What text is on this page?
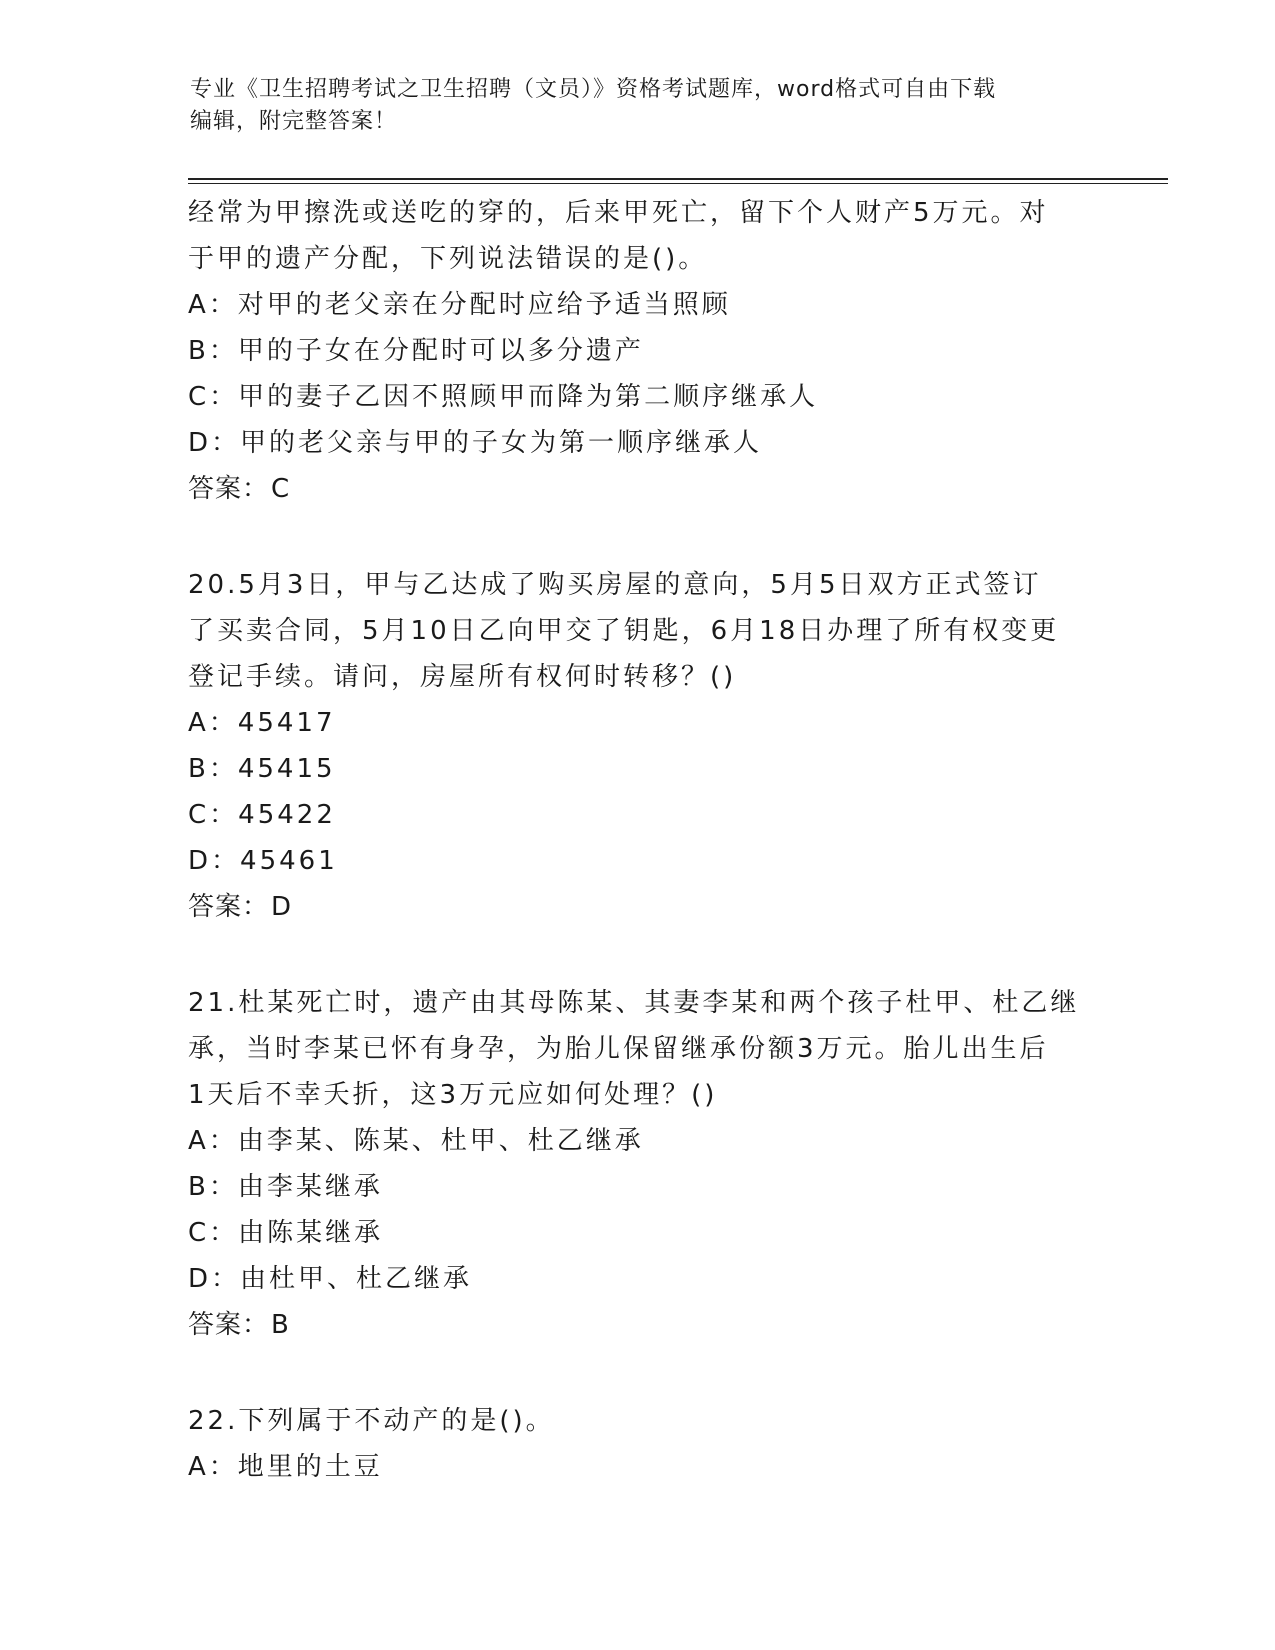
专业《卫生招聘考试之卫生招聘（文员）》资格考试题库，word格式可自由下载
编辑，附完整答案！
经常为甲擦洗或送吃的穿的，后来甲死亡，留下个人财产5万元。对
于甲的遗产分配，下列说法错误的是()。
A：对甲的老父亲在分配时应给予适当照顾
B：甲的子女在分配时可以多分遗产
C：甲的妻子乙因不照顾甲而降为第二顺序继承人
D：甲的老父亲与甲的子女为第一顺序继承人
答案：C
20.5月3日，甲与乙达成了购买房屋的意向，5月5日双方正式签订
了买卖合同，5月10日乙向甲交了钥匙，6月18日办理了所有权变更
登记手续。请问，房屋所有权何时转移？()
A：45417
B：45415
C：45422
D：45461
答案：D
21.杜某死亡时，遗产由其母陈某、其妻李某和两个孩子杜甲、杜乙继
承，当时李某已怀有身孕，为胎儿保留继承份额3万元。胎儿出生后
1天后不幸夭折，这3万元应如何处理？()
A：由李某、陈某、杜甲、杜乙继承
B：由李某继承
C：由陈某继承
D：由杜甲、杜乙继承
答案：B
22.下列属于不动产的是()。
A：地里的土豆
